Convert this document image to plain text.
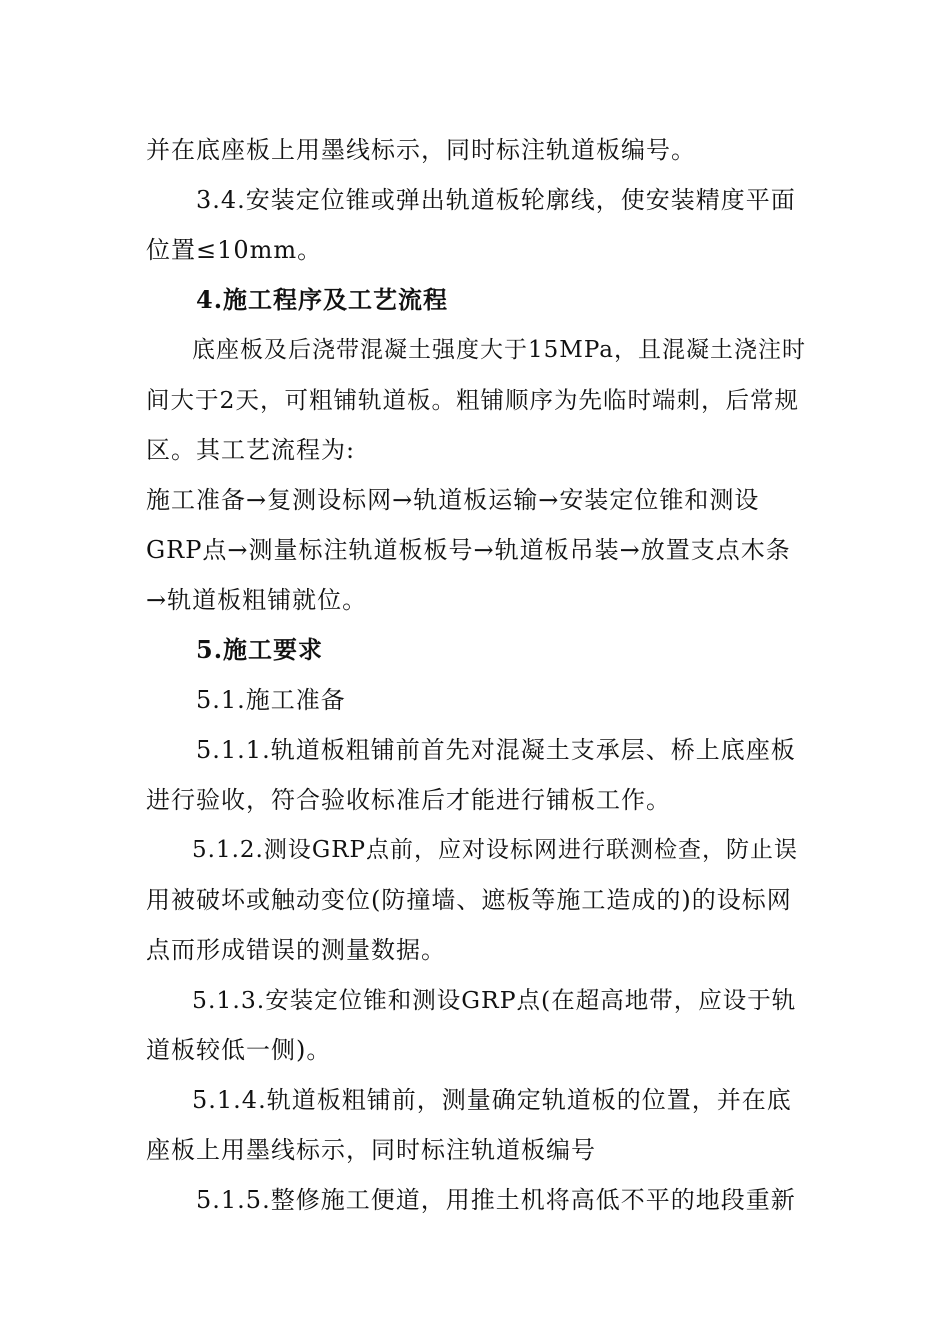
并在底座板上用墨线标示，同时标注轨道板编号。
3.4.安装定位锥或弹出轨道板轮廓线，使安装精度平面
位置≤10mm。
4.施工程序及工艺流程
底座板及后浇带混凝土强度大于15MPa，且混凝土浇注时
间大于2天，可粗铺轨道板。粗铺顺序为先临时端刺，后常规
区。其工艺流程为:
施工准备→复测设标网→轨道板运输→安装定位锥和测设
GRP点→测量标注轨道板板号→轨道板吊装→放置支点木条
→轨道板粗铺就位。
5.施工要求
5.1.施工准备
5.1.1.轨道板粗铺前首先对混凝土支承层、桥上底座板
进行验收，符合验收标准后才能进行铺板工作。
5.1.2.测设GRP点前，应对设标网进行联测检查，防止误
用被破坏或触动变位(防撞墙、遮板等施工造成的)的设标网
点而形成错误的测量数据。
5.1.3.安装定位锥和测设GRP点(在超高地带，应设于轨
道板较低一侧)。
5.1.4.轨道板粗铺前，测量确定轨道板的位置，并在底
座板上用墨线标示，同时标注轨道板编号
5.1.5.整修施工便道，用推土机将高低不平的地段重新
